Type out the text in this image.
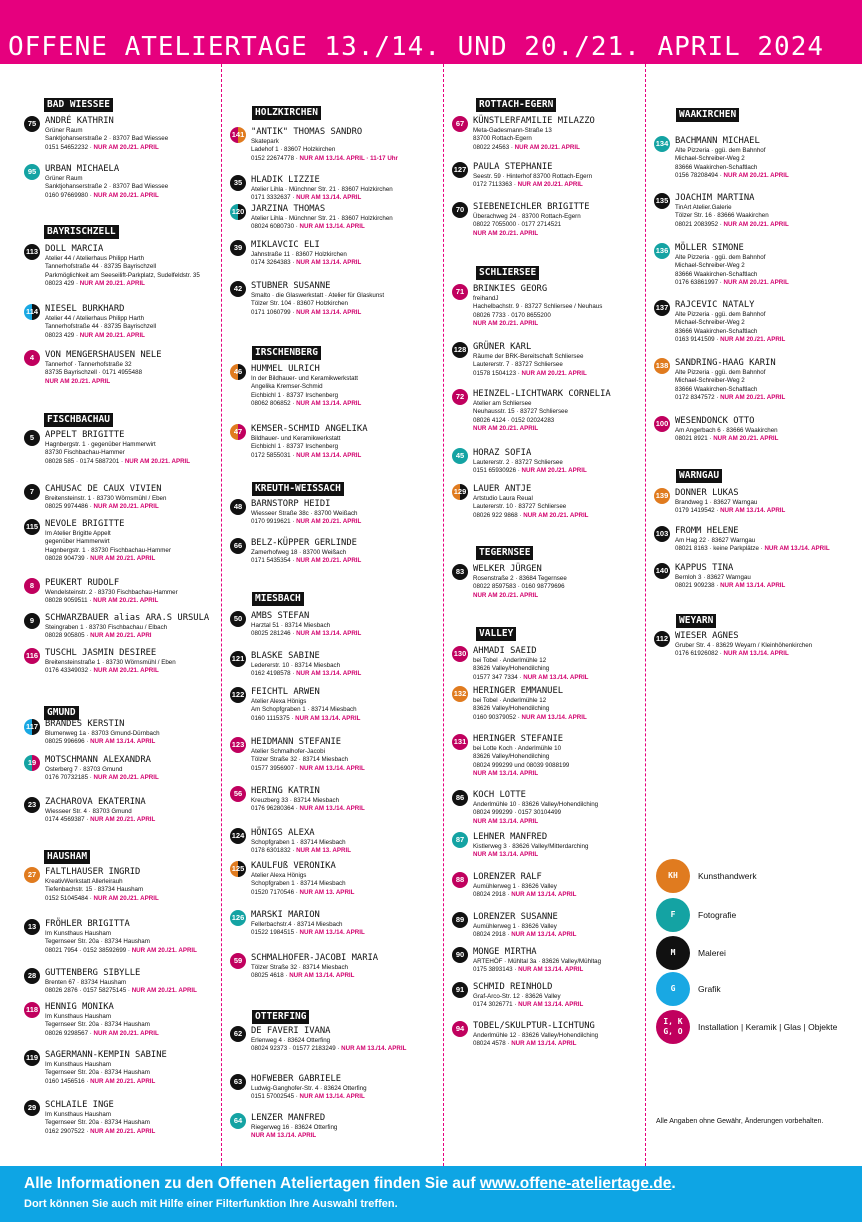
OFFENE ATELIERTAGE 13./14. UND 20./21. APRIL 2024
BAD WIESSEE
75	ANDRÉ KATHRIN
Grüner Raum
Sanktjohanserstraße 2 · 83707 Bad Wiessee
0151 54652232 · NUR AM 20./21. APRIL
95	URBAN MICHAELA
Grüner Raum
Sanktjohanserstraße 2 · 83707 Bad Wiessee
0160 97669980 · NUR AM 20./21. APRIL
BAYRISCHZELL
113 DOLL MARCIA
Atelier 44 / Atelierhaus Philipp Harth
Tannerhofstraße 44 · 83735 Bayrischzell
Parkmöglichkeit am Seeseilift-Parkplatz, Sudelfeldstr. 35
08023 429 · NUR AM 20./21. APRIL
114 NIESEL BURKHARD
Atelier 44 / Atelierhaus Philipp Harth
Tannerhofstraße 44 · 83735 Bayrischzell
08023 429 · NUR AM 20./21. APRIL
4	VON MENGERSHAUSEN NELE
Tannerhof · Tannerhofstraße 32
83735 Bayrischzell · 0171 4955488
NUR AM 20./21. APRIL
FISCHBACHAU
5	APPELT BRIGITTE
Hagnbergstr. 1 · gegenüber Hammerwirt
83730 Fischbachau-Hammer
08028 585 · 0174 5887201 · NUR AM 20./21. APRIL
7	CAHUSAC DE CAUX VIVIEN
Breitensteinstr. 1 · 83730 Wörnsmühl / Eben
08025 9974486 · NUR AM 20./21. APRIL
115 NEVOLE BRIGITTE
Im Atelier Brigitte Appelt
gegenüber Hammerwirt
Hagnbergstr. 1 · 83730 Fischbachau-Hammer
08028 904739 · NUR AM 20./21. APRIL
8	PEUKERT RUDOLF
Wendelsteinstr. 2 · 83730 Fischbachau-Hammer
08028 9059511 · NUR AM 20./21. APRIL
9	SCHWARZBAUER alias ARA.S URSULA
Steingraben 1 · 83730 Fischbachau / Elbach
08028 905805 · NUR AM 20./21. APRI
116 TUSCHL JASMIN DESIREE
Breitensteinstraße 1 · 83730 Wörnsmühl / Eben
0176 43349032 · NUR AM 20./21. APRIL
GMUND
117 BRANDES KERSTIN
Blumenweg 1a · 83703 Gmund-Dürnbach
08025 996696 · NUR AM 13./14. APRIL
19	MOTSCHMANN ALEXANDRA
Osterberg 7 · 83703 Gmund
0176 70732185 · NUR AM 20./21. APRIL
23	ZACHAROVA EKATERINA
Wiesseer Str. 4 · 83703 Gmund
0174 4569387 · NUR AM 20./21. APRIL
HAUSHAM
27	FALTLHAUSER INGRID
KreativWerkstatt Allerleirauh
Tiefenbachstr. 15 · 83734 Hausham
0152 51045484 · NUR AM 20./21. APRIL
13	FRÖHLER BRIGITTA
Im Kunsthaus Hausham
Tegernseer Str. 20a · 83734 Hausham
08021 7954 · 0152 38592699 · NUR AM 20./21. APRIL
28	GUTTENBERG SIBYLLE
Brenten 67 · 83734 Hausham
08026 2876 · 0157 58275145 · NUR AM 20./21. APRIL
118 HENNIG MONIKA
Im Kunsthaus Hausham
Tegernseer Str. 20a · 83734 Hausham
08026 9298567 · NUR AM 20./21. APRIL
119 SAGERMANN-KEMPIN SABINE
Im Kunsthaus Hausham
Tegernseer Str. 20a · 83734 Hausham
0160 1456516 · NUR AM 20./21. APRIL
29	SCHLAILE INGE
Im Kunsthaus Hausham
Tegernseer Str. 20a · 83734 Hausham
0162 2907522 · NUR AM 20./21. APRIL
HOLZKIRCHEN
141 "ANTIK" THOMAS SANDRO
Skatepark
Ladehof 1 · 83607 Holzkirchen
0152 22674778 · NUR AM 13./14. APRIL · 11-17 Uhr
35	HLADIK LIZZIE
Atelier Lihla · Münchner Str. 21 · 83607 Holzkirchen
0171 3332637 · NUR AM 13./14. APRIL
120 JARZINA THOMAS
Atelier Lihla · Münchner Str. 21 · 83607 Holzkirchen
08024 6080730 · NUR AM 13./14. APRIL
39	MIKLAVCIC ELI
Jahnstraße 11 · 83607 Holzkirchen
0174 3264383 · NUR AM 13./14. APRIL
42	STUBNER SUSANNE
Smalto · die Glaswerkstatt · Atelier für Glaskunst
Tölzer Str. 104 · 83607 Holzkirchen
0171 1060799 · NUR AM 13./14. APRIL
IRSCHENBERG
46	HUMMEL ULRICH
In der Bildhauer- und Keramikwerkstatt
Angelika Kremser-Schmid
Eichbichl 1 · 83737 Irschenberg
08062 806852 · NUR AM 13./14. APRIL
47	KEMSER-SCHMID ANGELIKA
Bildhauer- und Keramikwerkstatt
Eichbichl 1 · 83737 Irschenberg
0172 5855031 · NUR AM 13./14. APRIL
KREUTH-WEISSACH
48	BARNSTORP HEIDI
Wiesseer Straße 38c · 83700 Weißach
0170 9919621 · NUR AM 20./21. APRIL
66	BELZ-KÜPPER GERLINDE
Zamerhofweg 18 · 83700 Weißach
0171 5435354 · NUR AM 20./21. APRIL
MIESBACH
50	AMBS STEFAN
Harztal 51 · 83714 Miesbach
08025 281246 · NUR AM 13./14. APRIL
121 BLASKE SABINE
Ledererstr. 10 · 83714 Miesbach
0162 4198578 · NUR AM 13./14. APRIL
122 FEICHTL ARWEN
Atelier Alexa Hönigs
Am Schopfgraben 1 · 83714 Miesbach
0160 1115375 · NUR AM 13./14. APRIL
123 HEIDMANN STEFANIE
Atelier Schmalhofer-Jacobi
Tölzer Straße 32 · 83714 Miesbach
01577 3956907 · NUR AM 13./14. APRIL
56	HERING KATRIN
Kreuzberg 33 · 83714 Miesbach
0176 96280364 · NUR AM 13./14. APRIL
124 HÖNIGS ALEXA
Schopfgraben 1 · 83714 Miesbach
0178 6301832 · NUR AM 13. APRIL
125 KAULFUß VERONIKA
Atelier Alexa Hönigs
Schopfgraben 1 · 83714 Miesbach
01520 7170546 · NUR AM 13. APRIL
126 MARSKI MARION
Fellerbachstr.4 · 83714 Miesbach
01522 1984515 · NUR AM 13./14. APRIL
59	SCHMALHOFER-JACOBI MARIA
Tölzer Straße 32 · 83714 Miesbach
08025 4618 · NUR AM 13./14. APRIL
OTTERFING
62	DE FAVERI IVANA
Erlenweg 4 · 83624 Otterfing
08024 92373 · 01577 2183249 · NUR AM 13./14. APRIL
63	HOFWEBER GABRIELE
Ludwig-Ganghofer-Str. 4 · 83624 Otterfing
0151 57002545 · NUR AM 13./14. APRIL
64	LENZER MANFRED
Riegerweg 16 · 83624 Otterfing
NUR AM 13./14. APRIL
ROTTACH-EGERN
67	KÜNSTLERFAMILIE MILAZZO
Meta-Gadesmann-Straße 13
83700 Rottach-Egern
08022 24563 · NUR AM 20./21. APRIL
127 PAULA STEPHANIE
Seestr. 59 · Hinterhof 83700 Rottach-Egern
0172 7113363 · NUR AM 20./21. APRIL
70	SIEBENEICHLER BRIGITTE
Überachweg 24 · 83700 Rottach-Egern
08022 7055000 · 0177 2714521
NUR AM 20./21. APRIL
SCHLIERSEE
71	BRINKIES GEORG
freihandJ
Hachelbachstr. 9 · 83727 Schliersee / Neuhaus
08026 7733 · 0170 8655200
NUR AM 20./21. APRIL
128 GRÜNER KARL
Räume der BRK-Bereitschaft Schliersee
Lautererstr. 7 · 83727 Schliersee
01578 1504123 · NUR AM 20./21. APRIL
72	HEINZEL-LICHTWARK CORNELIA
Atelier am Schliersee
Neuhausstr. 15 · 83727 Schliersee
08026 4124 · 0152 02024283
NUR AM 20./21. APRIL
45	HORAZ SOFIA
Lautererstr. 2 · 83727 Schliersee
0151 65930926 · NUR AM 20./21. APRIL
129 LAUER ANTJE
Artstudio Laura Reual
Lautererstr. 10 · 83727 Schliersee
08026 922 9868 · NUR AM 20./21. APRIL
TEGERNSEE
83	WELKER JÜRGEN
Rosenstraße 2 · 83684 Tegernsee
08022 8597583 · 0160 98779696
NUR AM 20./21. APRIL
VALLEY
130 AHMADI SAEID
bei Tobel · Anderlmühle 12
83626 Valley/Hohendilching
01577 347 7334 · NUR AM 13./14. APRIL
132 HERINGER EMMANUEL
bei Tobel · Anderlmühle 12
83626 Valley/Hohendilching
0160 90379052 · NUR AM 13./14. APRIL
131 HERINGER STEFANIE
bei Lotte Koch · Anderlmühle 10
83626 Valley/Hohendilching
08024 999299 und 08039 9088199
NUR AM 13./14. APRIL
86	KOCH LOTTE
Anderlmühle 10 · 83626 Valley/Hohendilching
08024 999299 · 0157 30104499
NUR AM 13./14. APRIL
87	LEHNER MANFRED
Kistlerweg 3 · 83626 Valley/Mitterdarching
NUR AM 13./14. APRIL
88	LORENZER RALF
Aumühlerweg 1 · 83626 Valley
08024 2918 · NUR AM 13./14. APRIL
89	LORENZER SUSANNE
Aumühlerweg 1 · 83626 Valley
08024 2918 · NUR AM 13./14. APRIL
90	MONGE MIRTHA
ARTEHÖF · Mühltal 3a · 83626 Valley/Mühltag
0175 3893143 · NUR AM 13./14. APRIL
91	SCHMID REINHOLD
Graf-Arco-Str. 12 · 83626 Valley
0174 3026771 · NUR AM 13./14. APRIL
94	TOBEL/SKULPTUR-LICHTUNG
Anderlmühle 12 · 83626 Valley/Hohendilching
08024 4578 · NUR AM 13./14. APRIL
WAAKIRCHEN
134 BACHMANN MICHAEL
Alte Pizzeria · ggü. dem Bahnhof
Michael-Schreiber-Weg 2
83666 Waakirchen-Schaftlach
0156 78208494 · NUR AM 20./21. APRIL
135 JOACHIM MARTINA
TinArt Atelier.Galerie
Tölzer Str. 16 · 83666 Waakirchen
08021 2083952 · NUR AM 20./21. APRIL
136 MÖLLER SIMONE
Alte Pizzeria · ggü. dem Bahnhof
Michael-Schreiber-Weg 2
83666 Waakirchen-Schaftlach
0176 63861997 · NUR AM 20./21. APRIL
137 RAJCEVIC NATALY
Alte Pizzeria · ggü. dem Bahnhof
Michael-Schreiber-Weg 2
83666 Waakirchen-Schaftlach
0163 9141509 · NUR AM 20./21. APRIL
138 SANDRING-HAAG KARIN
Alte Pizzeria · ggü. dem Bahnhof
Michael-Schreiber-Weg 2
83666 Waakirchen-Schaftlach
0172 8347572 · NUR AM 20./21. APRIL
100 WESENDONCK OTTO
Am Angerbach 6 · 83666 Waakirchen
08021 8921 · NUR AM 20./21. APRIL
WARNGAU
139 DONNER LUKAS
Brandweg 1 · 83627 Warngau
0179 1419542 · NUR AM 13./14. APRIL
103 FROMM HELENE
Am Hag 22 · 83627 Warngau
08021 8163 · keine Parkplätze · NUR AM 13./14. APRIL
140 KAPPUS TINA
Bernloh 3 · 83627 Warngau
08021 909238 · NUR AM 13./14. APRIL
WEYARN
112 WIESER AGNES
Gruber Str. 4 · 83629 Weyarn / Kleinhöhenkirchen
0176 61926082 · NUR AM 13./14. APRIL
KH Kunsthandwerk
F	Fotografie
M	Malerei
G	Grafik
I, K
G, O Installation | Keramik | Glas | Objekte
Alle Angaben ohne Gewähr, Änderungen vorbehalten.
Alle Informationen zu den Offenen Ateliertagen finden Sie auf www.offene-ateliertage.de.
Dort können Sie auch mit Hilfe einer Filterfunktion Ihre Auswahl treffen.
